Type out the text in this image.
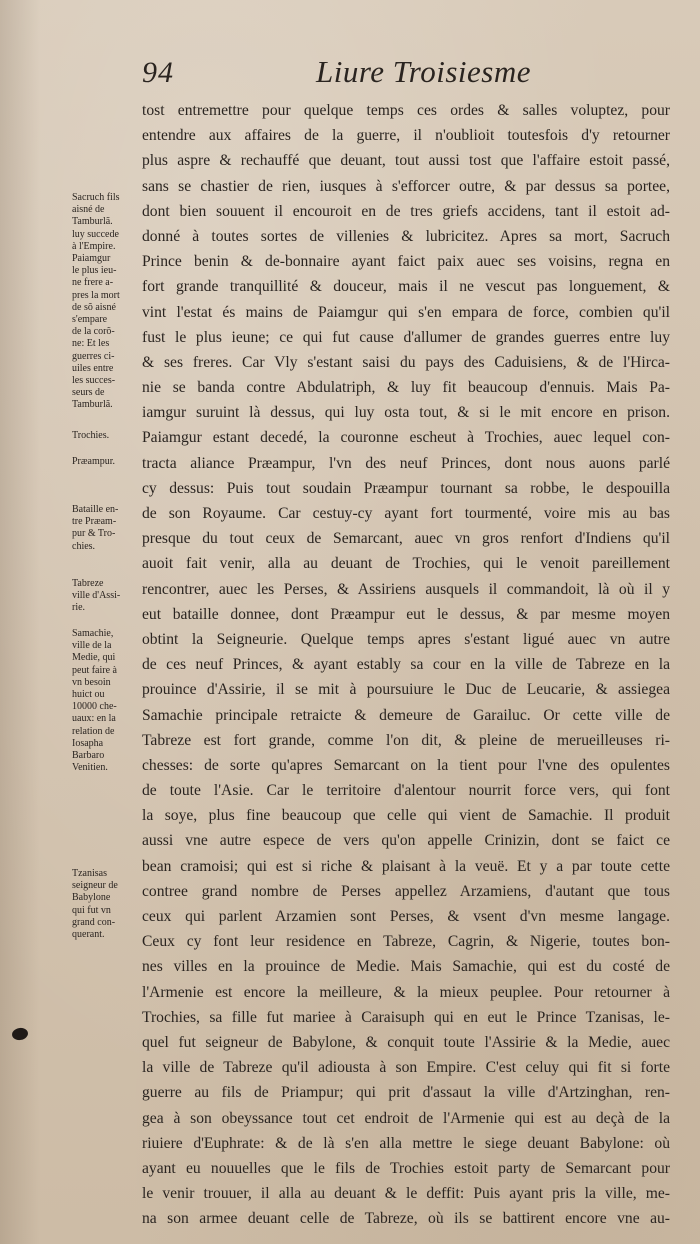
94	Liure Troisiesme
tost entremettre pour quelque temps ces ordes & salles voluptez, pour
entendre aux affaires de la guerre, il n'oublioit toutesfois d'y retourner
plus aspre & rechauffé que deuant, tout aussi tost que l'affaire estoit passé,
sans se chastier de rien, iusques à s'efforcer outre, & par dessus sa portee,
dont bien souuent il encouroit en de tres griefs accidens, tant il estoit ad-
donné à toutes sortes de villenies & lubricitez. Apres sa mort, Sacruch
Prince benin & de-bonnaire ayant faict paix auec ses voisins, regna en
fort grande tranquillité & douceur, mais il ne vescut pas longuement, &
vint l'estat és mains de Paiamgur qui s'en empara de force, combien qu'il
fust le plus ieune; ce qui fut cause d'allumer de grandes guerres entre luy
& ses freres. Car Vly s'estant saisi du pays des Caduisiens, & de l'Hirca-
nie se banda contre Abdulatriph, & luy fit beaucoup d'ennuis. Mais Pa-
iamgur suruint là dessus, qui luy osta tout, & si le mit encore en prison.
Paiamgur estant decedé, la couronne escheut à Trochies, auec lequel con-
tracta aliance Præampur, l'vn des neuf Princes, dont nous auons parlé
cy dessus: Puis tout soudain Præampur tournant sa robbe, le despouilla
de son Royaume. Car cestuy-cy ayant fort tourmenté, voire mis au bas
presque du tout ceux de Semarcant, auec vn gros renfort d'Indiens qu'il
auoit fait venir, alla au deuant de Trochies, qui le venoit pareillement
rencontrer, auec les Perses, & Assiriens ausquels il commandoit, là où il y
eut bataille donnee, dont Præampur eut le dessus, & par mesme moyen
obtint la Seigneurie. Quelque temps apres s'estant ligué auec vn autre
de ces neuf Princes, & ayant estably sa cour en la ville de Tabreze en la
prouince d'Assirie, il se mit à poursuiure le Duc de Leucarie, & assiegea
Samachie principale retraicte & demeure de Garailuc. Or cette ville de
Tabreze est fort grande, comme l'on dit, & pleine de merueilleuses ri-
chesses: de sorte qu'apres Semarcant on la tient pour l'vne des opulentes
de toute l'Asie. Car le territoire d'alentour nourrit force vers, qui font
la soye, plus fine beaucoup que celle qui vient de Samachie. Il produit
aussi vne autre espece de vers qu'on appelle Crinizin, dont se faict ce
bean cramoisi; qui est si riche & plaisant à la veuë. Et y a par toute cette
contree grand nombre de Perses appellez Arzamiens, d'autant que tous
ceux qui parlent Arzamien sont Perses, & vsent d'vn mesme langage.
Ceux cy font leur residence en Tabreze, Cagrin, & Nigerie, toutes bon-
nes villes en la prouince de Medie. Mais Samachie, qui est du costé de
l'Armenie est encore la meilleure, & la mieux peuplee. Pour retourner à
Trochies, sa fille fut mariee à Caraisuph qui en eut le Prince Tzanisas, le-
quel fut seigneur de Babylone, & conquit toute l'Assirie & la Medie, auec
la ville de Tabreze qu'il adiousta à son Empire. C'est celuy qui fit si forte
guerre au fils de Priampur; qui prit d'assaut la ville d'Artzinghan, ren-
gea à son obeyssance tout cet endroit de l'Armenie qui est au deçà de la
riuiere d'Euphrate: & de là s'en alla mettre le siege deuant Babylone: où
ayant eu nouuelles que le fils de Trochies estoit party de Semarcant pour
le venir trouuer, il alla au deuant & le deffit: Puis ayant pris la ville, me-
na son armee deuant celle de Tabreze, où ils se battirent encore vne au-
Sacruch fils
aisné de
Tamburlã.
luy succede
à l'Empire.
Paiamgur
le plus ieu-
ne frere a-
pres la mort
de sõ aisné
s'empare
de la corõ-
ne: Et les
guerres ci-
uiles entre
les succes-
seurs de
Tamburlã.
Trochies.
Præampur.
Bataille en-
tre Præam-
pur & Tro-
chies.
Tabreze
ville d'Assi-
rie.
Samachie,
ville de la
Medie, qui
peut faire à
vn besoin
huict ou
10000 che-
uaux: en la
relation de
Iosapha
Barbaro
Venitien.
Tzanisas
seigneur de
Babylone
qui fut vn
grand con-
querant.
